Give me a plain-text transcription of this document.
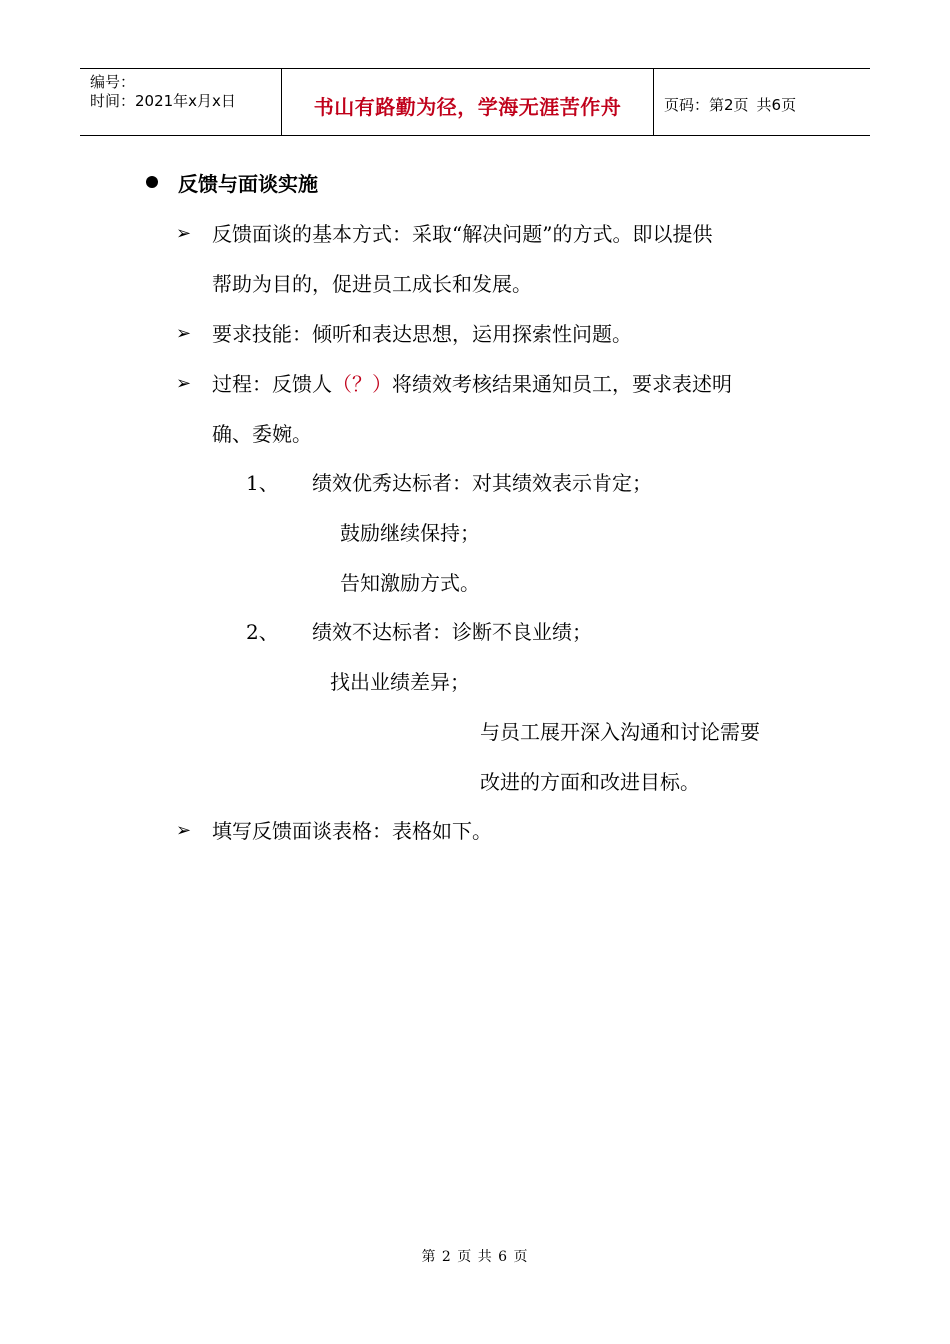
编号：
时间：2021年x月x日	书山有路勤为径，学海无涯苦作舟	页码：第2页 共6页
反馈与面谈实施
➢ 反馈面谈的基本方式：采取“解决问题”的方式。即以提供
帮助为目的，促进员工成长和发展。
➢ 要求技能：倾听和表达思想，运用探索性问题。
➢ 过程：反馈人（？）将绩效考核结果通知员工，要求表述明
确、委婉。
1、 绩效优秀达标者：对其绩效表示肯定；
鼓励继续保持；
告知激励方式。
2、 绩效不达标者：诊断不良业绩；
找出业绩差异；
与员工展开深入沟通和讨论需要
改进的方面和改进目标。
➢ 填写反馈面谈表格：表格如下。
第 2 页 共 6 页
